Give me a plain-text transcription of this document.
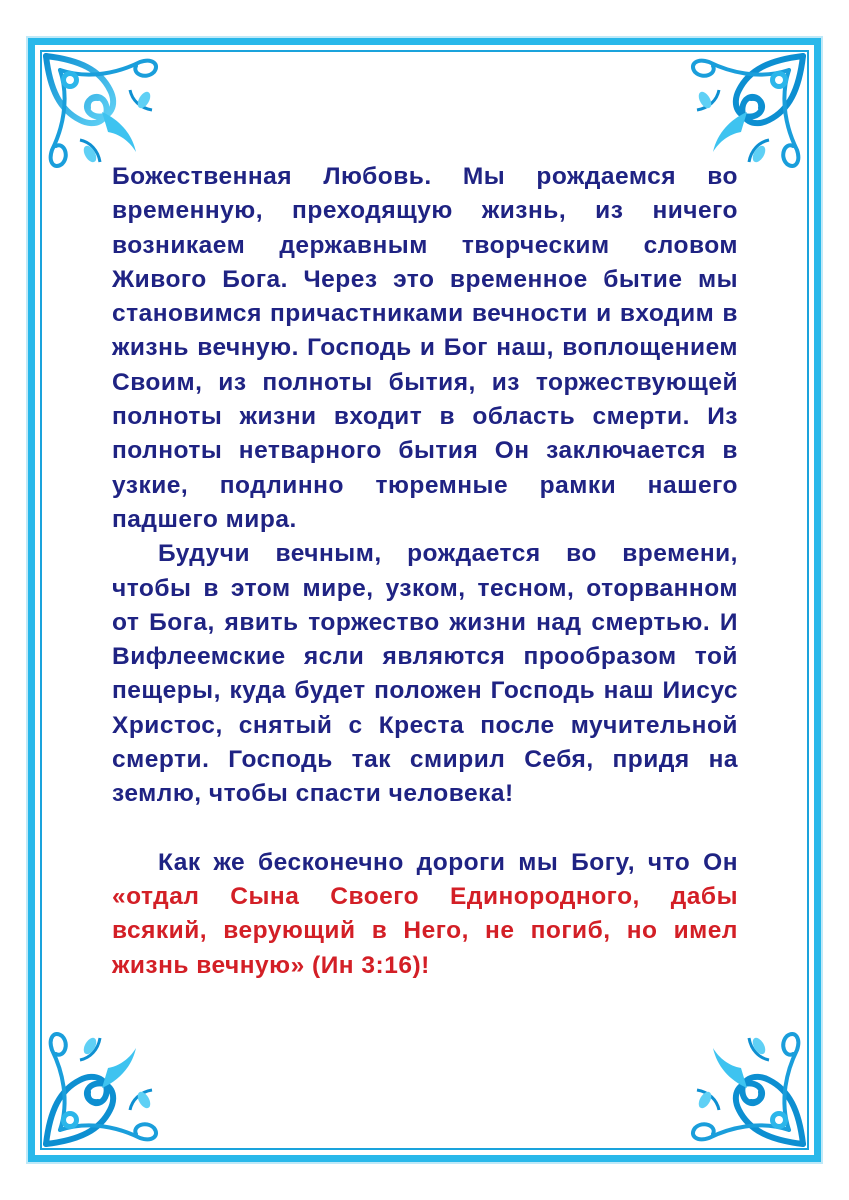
Божественная Любовь. Мы рождаемся во временную, преходящую жизнь, из ничего возникаем державным творческим словом Живого Бога. Через это временное бытие мы становимся причастниками вечности и входим в жизнь вечную. Господь и Бог наш, воплощением Своим, из полноты бытия, из торжествующей полноты жизни входит в область смерти. Из полноты нетварного бытия Он заключается в узкие, подлинно тюремные рамки нашего падшего мира.

Будучи вечным, рождается во времени, чтобы в этом мире, узком, тесном, оторванном от Бога, явить торжество жизни над смертью. И Вифлеемские ясли являются прообразом той пещеры, куда будет положен Господь наш Иисус Христос, снятый с Креста после мучительной смерти. Господь так смирил Себя, придя на землю, чтобы спасти человека!

Как же бесконечно дороги мы Богу, что Он «отдал Сына Своего Единородного, дабы всякий, верующий в Него, не погиб, но имел жизнь вечную» (Ин 3:16)!
